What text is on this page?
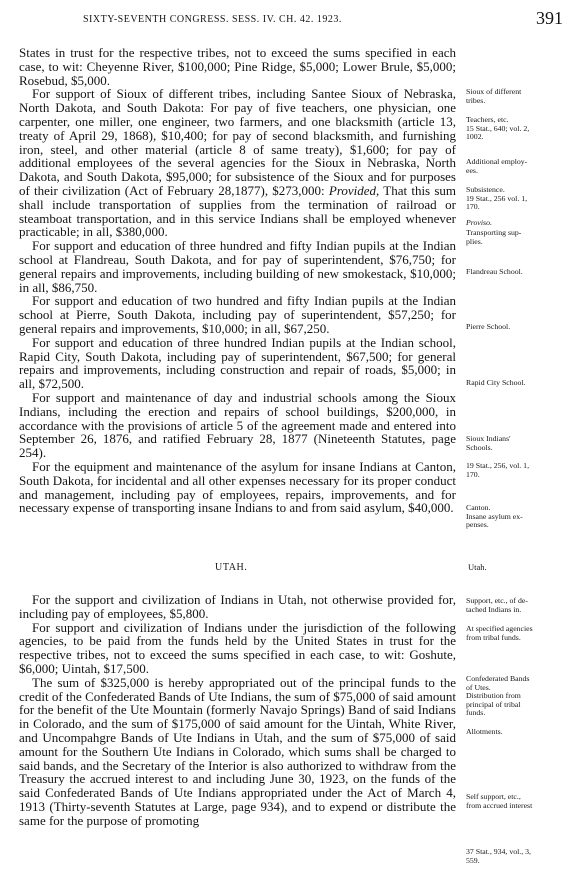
SIXTY-SEVENTH CONGRESS. SESS. IV. CH. 42. 1923.	391

States in trust for the respective tribes, not to exceed the sums specified in each case, to wit: Cheyenne River, $100,000; Pine Ridge, $5,000; Lower Brule, $5,000; Rosebud, $5,000.

For support of Sioux of different tribes, including Santee Sioux of Nebraska, North Dakota, and South Dakota: For pay of five teachers, one physician, one carpenter, one miller, one engineer, two farmers, and one blacksmith (article 13, treaty of April 29, 1868), $10,400; for pay of second blacksmith, and furnishing iron, steel, and other material (article 8 of same treaty), $1,600; for pay of additional employees of the several agencies for the Sioux in Nebraska, North Dakota, and South Dakota, $95,000; for subsistence of the Sioux and for purposes of their civilization (Act of February 28,1877), $273,000: Provided, That this sum shall include transportation of supplies from the termination of railroad or steamboat transportation, and in this service Indians shall be employed whenever practicable; in all, $380,000.

For support and education of three hundred and fifty Indian pupils at the Indian school at Flandreau, South Dakota, and for pay of superintendent, $76,750; for general repairs and improvements, including building of new smokestack, $10,000; in all, $86,750.

For support and education of two hundred and fifty Indian pupils at the Indian school at Pierre, South Dakota, including pay of superintendent, $57,250; for general repairs and improvements, $10,000; in all, $67,250.

For support and education of three hundred Indian pupils at the Indian school, Rapid City, South Dakota, including pay of superintendent, $67,500; for general repairs and improvements, including construction and repair of roads, $5,000; in all, $72,500.

For support and maintenance of day and industrial schools among the Sioux Indians, including the erection and repairs of school buildings, $200,000, in accordance with the provisions of article 5 of the agreement made and entered into September 26, 1876, and ratified February 28, 1877 (Nineteenth Statutes, page 254).

For the equipment and maintenance of the asylum for insane Indians at Canton, South Dakota, for incidental and all other expenses necessary for its proper conduct and management, including pay of employees, repairs, improvements, and for necessary expense of transporting insane Indians to and from said asylum, $40,000.

UTAH.	Utah.

For the support and civilization of Indians in Utah, not otherwise provided for, including pay of employees, $5,800.

For support and civilization of Indians under the jurisdiction of the following agencies, to be paid from the funds held by the United States in trust for the respective tribes, not to exceed the sums specified in each case, to wit: Goshute, $6,000; Uintah, $17,500.

The sum of $325,000 is hereby appropriated out of the principal funds to the credit of the Confederated Bands of Ute Indians, the sum of $75,000 of said amount for the benefit of the Ute Mountain (formerly Navajo Springs) Band of said Indians in Colorado, and the sum of $175,000 of said amount for the Uintah, White River, and Uncompahgre Bands of Ute Indians in Utah, and the sum of $75,000 of said amount for the Southern Ute Indians in Colorado, which sums shall be charged to said bands, and the Secretary of the Interior is also authorized to withdraw from the Treasury the accrued interest to and including June 30, 1923, on the funds of the said Confederated Bands of Ute Indians appropriated under the Act of March 4, 1913 (Thirty-seventh Statutes at Large, page 934), and to expend or distribute the same for the purpose of promoting

Sioux of different
tribes.
Teachers, etc.
15 Stat., 640; vol. 2,
1002.
Additional employ-
ees.
Subsistence.
19 Stat., 256 vol. 1,
170.
Proviso.
Transporting sup-
plies.
Flandreau School.
Pierre School.
Rapid City School.
Sioux Indians'
Schools.
19 Stat., 256, vol. 1,
170.
Canton.
Insane asylum ex-
penses.
Support, etc., of de-
tached Indians in.
At specified agencies
from tribal funds.
Confederated Bands
of Utes.
Distribution from
principal of tribal
funds.
Allotments.
Self support, etc.,
from accrued interest
37 Stat., 934, vol., 3,
559.
